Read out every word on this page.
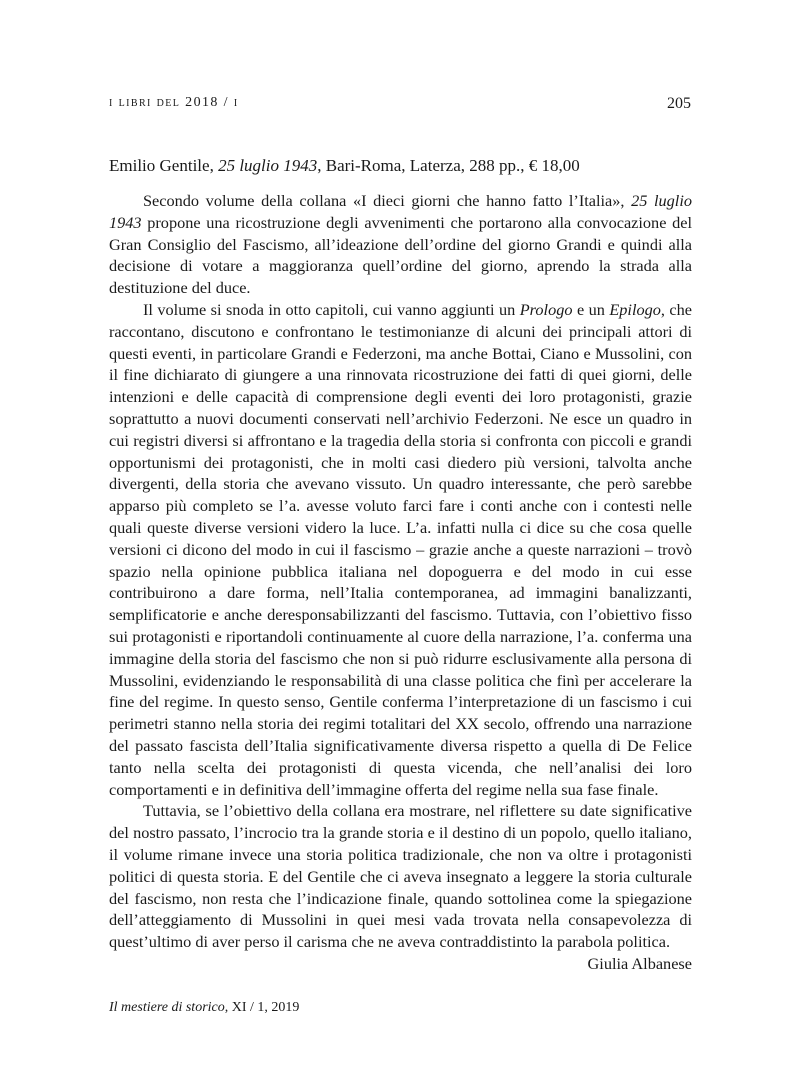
i libri del 2018 / i	205
Emilio Gentile, 25 luglio 1943, Bari-Roma, Laterza, 288 pp., € 18,00

Secondo volume della collana «I dieci giorni che hanno fatto l’Italia», 25 luglio 1943 propone una ricostruzione degli avvenimenti che portarono alla convocazione del Gran Consiglio del Fascismo, all’ideazione dell’ordine del giorno Grandi e quindi alla decisione di votare a maggioranza quell’ordine del giorno, aprendo la strada alla destituzione del duce.

Il volume si snoda in otto capitoli, cui vanno aggiunti un Prologo e un Epilogo, che raccontano, discutono e confrontano le testimonianze di alcuni dei principali attori di questi eventi, in particolare Grandi e Federzoni, ma anche Bottai, Ciano e Mussolini, con il fine dichiarato di giungere a una rinnovata ricostruzione dei fatti di quei giorni, delle intenzioni e delle capacità di comprensione degli eventi dei loro protagonisti, grazie soprattutto a nuovi documenti conservati nell’archivio Federzoni. Ne esce un quadro in cui registri diversi si affrontano e la tragedia della storia si confronta con piccoli e grandi opportunismi dei protagonisti, che in molti casi diedero più versioni, talvolta anche divergenti, della storia che avevano vissuto. Un quadro interessante, che però sarebbe apparso più completo se l’a. avesse voluto farci fare i conti anche con i contesti nelle quali queste diverse versioni videro la luce. L’a. infatti nulla ci dice su che cosa quelle versioni ci dicono del modo in cui il fascismo – grazie anche a queste narrazioni – trovò spazio nella opinione pubblica italiana nel dopoguerra e del modo in cui esse contribuirono a dare forma, nell’Italia contemporanea, ad immagini banalizzanti, semplificatorie e anche deresponsabilizzanti del fascismo. Tuttavia, con l’obiettivo fisso sui protagonisti e riportandoli continuamente al cuore della narrazione, l’a. conferma una immagine della storia del fascismo che non si può ridurre esclusivamente alla persona di Mussolini, evidenziando le responsabilità di una classe politica che finì per accelerare la fine del regime. In questo senso, Gentile conferma l’interpretazione di un fascismo i cui perimetri stanno nella storia dei regimi totalitari del XX secolo, offrendo una narrazione del passato fascista dell’Italia significativamente diversa rispetto a quella di De Felice tanto nella scelta dei protagonisti di questa vicenda, che nell’analisi dei loro comportamenti e in definitiva dell’immagine offerta del regime nella sua fase finale.

Tuttavia, se l’obiettivo della collana era mostrare, nel riflettere su date significative del nostro passato, l’incrocio tra la grande storia e il destino di un popolo, quello italiano, il volume rimane invece una storia politica tradizionale, che non va oltre i protagonisti politici di questa storia. E del Gentile che ci aveva insegnato a leggere la storia culturale del fascismo, non resta che l’indicazione finale, quando sottolinea come la spiegazione dell’atteggiamento di Mussolini in quei mesi vada trovata nella consapevolezza di quest’ultimo di aver perso il carisma che ne aveva contraddistinto la parabola politica.

Giulia Albanese

Il mestiere di storico, XI / 1, 2019
